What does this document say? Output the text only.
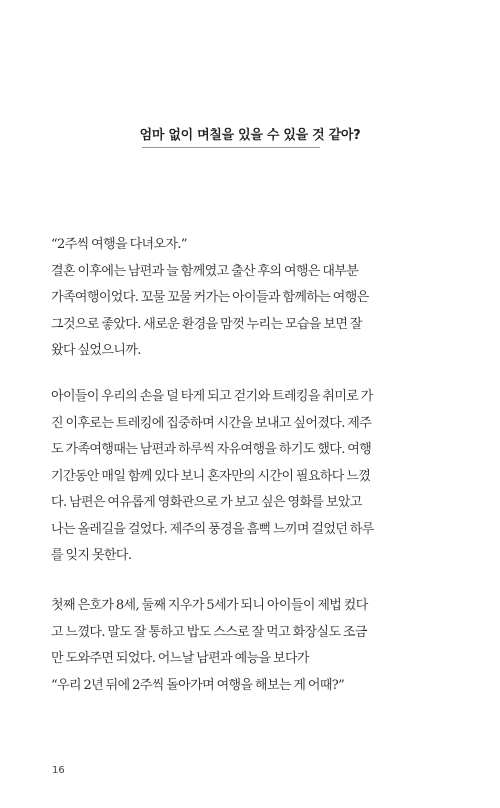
엄마 없이 며칠을 있을 수 있을 것 같아?
“2주씩 여행을 다녀오자.”
결혼 이후에는 남편과 늘 함께였고 출산 후의 여행은 대부분
가족여행이었다. 꼬물 꼬물 커가는 아이들과 함께하는 여행은
그것으로 좋았다. 새로운 환경을 맘껏 누리는 모습을 보면 잘
왔다 싶었으니까.
아이들이 우리의 손을 덜 타게 되고 걷기와 트레킹을 취미로 가
진 이후로는 트레킹에 집중하며 시간을 보내고 싶어졌다. 제주
도 가족여행때는 남편과 하루씩 자유여행을 하기도 했다. 여행
기간동안 매일 함께 있다 보니 혼자만의 시간이 필요하다 느꼈
다. 남편은 여유롭게 영화관으로 가 보고 싶은 영화를 보았고
나는 올레길을 걸었다. 제주의 풍경을 흠뻑 느끼며 걸었던 하루
를 잊지 못한다.
첫째 은호가 8세, 둘째 지우가 5세가 되니 아이들이 제법 컸다
고 느꼈다. 말도 잘 통하고 밥도 스스로 잘 먹고 화장실도 조금
만 도와주면 되었다. 어느날 남편과 예능을 보다가
“우리 2년 뒤에 2주씩 돌아가며 여행을 해보는 게 어때?”
16
